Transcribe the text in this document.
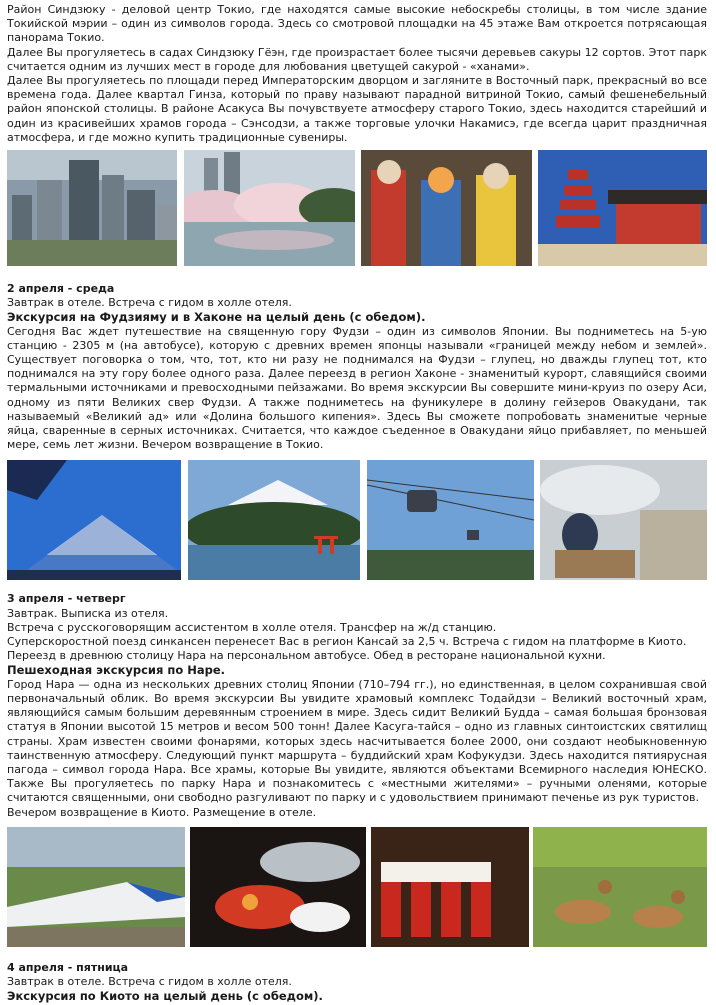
Район Синдзюку - деловой центр Токио, где находятся самые высокие небоскребы столицы, в том числе здание Токийской мэрии – один из символов города. Здесь со смотровой площадки на 45 этаже Вам откроется потрясающая панорама Токио.

Далее Вы прогуляетесь в садах Синдзюку Гёэн, где произрастает более тысячи деревьев сакуры 12 сортов. Этот парк считается одним из лучших мест в городе для любования цветущей сакурой - «ханами».

Далее Вы прогуляетесь по площади перед Императорским дворцом и загляните в Восточный парк, прекрасный во все времена года. Далее квартал Гинза, который по праву называют парадной витриной Токио, самый фешенебельный район японской столицы. В районе Асакуса Вы почувствуете атмосферу старого Токио, здесь находится старейший и один из красивейших храмов города – Сэнсодзи, а также торговые улочки Накамисэ, где всегда царит праздничная атмосфера, и где можно купить традиционные сувениры.

2 апреля - среда

Завтрак в отеле. Встреча с гидом в холле отеля.

Экскурсия на Фудзияму и в Хаконе на целый день (с обедом).

Сегодня Вас ждет путешествие на священную гору Фудзи – один из символов Японии. Вы подниметесь на 5-ую станцию - 2305 м (на автобусе), которую с древних времен японцы называли «границей между небом и землей». Существует поговорка о том, что, тот, кто ни разу не поднимался на Фудзи – глупец, но дважды глупец тот, кто поднимался на эту гору более одного раза. Далее переезд в регион Хаконе - знаменитый курорт, славящийся своими термальными источниками и превосходными пейзажами. Во время экскурсии Вы совершите мини-круиз по озеру Аси, одному из пяти Великих свер Фудзи. А также подниметесь на фуникулере в долину гейзеров Овакудани, так называемый «Великий ад» или «Долина большого кипения». Здесь Вы сможете попробовать знаменитые черные яйца, сваренные в серных источниках. Считается, что каждое съеденное в Овакудани яйцо прибавляет, по меньшей мере, семь лет жизни. Вечером возвращение в Токио.

3 апреля - четверг

Завтрак. Выписка из отеля.

Встреча с русскоговорящим ассистентом в холле отеля. Трансфер на ж/д станцию.

Суперскоростной поезд синкансен перенесет Вас в регион Кансай за 2,5 ч. Встреча с гидом на платформе в Киото.

Переезд в древнюю столицу Нара на персональном автобусе. Обед в ресторане национальной кухни.

Пешеходная экскурсия по Наре.

Город Нара — одна из нескольких древних столиц Японии (710–794 гг.), но единственная, в целом сохранившая свой первоначальный облик. Во время экскурсии Вы увидите храмовый комплекс Тодайдзи – Великий восточный храм, являющийся самым большим деревянным строением в мире. Здесь сидит Великий Будда – самая большая бронзовая статуя в Японии высотой 15 метров и весом 500 тонн! Далее Касуга-тайся – одно из главных синтоистских святилищ страны. Храм известен своими фонарями, которых здесь насчитывается более 2000, они создают необыкновенную таинственную атмосферу. Следующий пункт маршрута – буддийский храм Кофукудзи. Здесь находится пятиярусная пагода – символ города Нара. Все храмы, которые Вы увидите, являются объектами Всемирного наследия ЮНЕСКО. Также Вы прогуляетесь по парку Нара и познакомитесь с «местными жителями» – ручными оленями, которые считаются священными, они свободно разгуливают по парку и с удовольствием принимают печенье из рук туристов.

Вечером возвращение в Киото. Размещение в отеле.

4 апреля - пятница

Завтрак в отеле. Встреча с гидом в холле отеля.

Экскурсия по Киото на целый день (с обедом).
